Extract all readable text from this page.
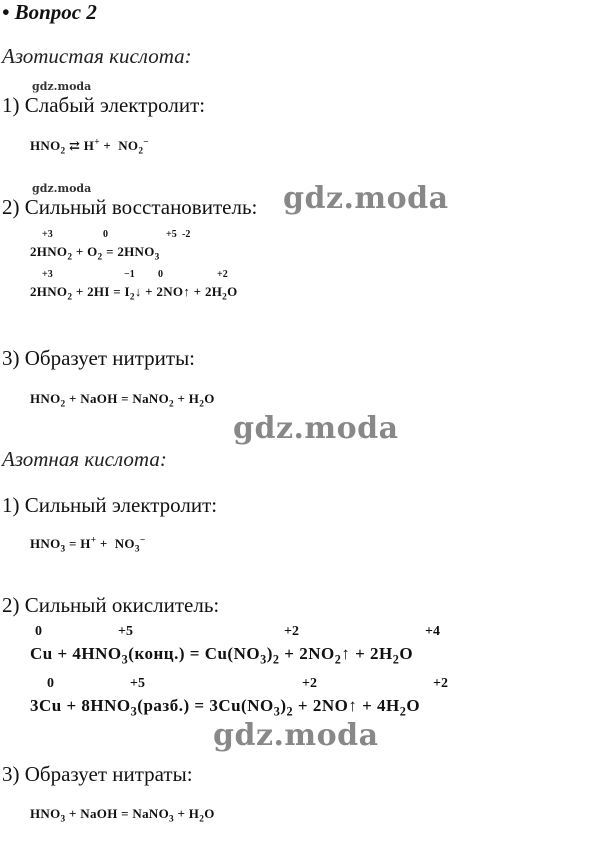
• Вопрос 2
Азотистая кислота:
gdz.moda
1) Слабый электролит:
$HNO_2$ ⇄ $H^+ + NO_2^-$
gdz.moda
2) Сильный восстановитель: gdz.moda
+3	0	+5 -2
$2HNO_2 + O_2 = 2HNO_3$
+3	−1 0	+2
$2HNO_2 + 2HI$ = $I_2↓$ + 2NO↑ + $2H_2O$
3) Образует нитриты:
$HNO_2$ + NaOH = NaNO$_2$ + $H_2O$
gdz.moda
Азотная кислота:
1) Сильный электролит:
$HNO_3 = H^+ + NO_3^-$
2) Сильный окислитель:
0	+5	+2	+4
$Cu + 4HNO_3(конц.) = Cu(NO_3)_2$ + $2NO_2↑ + 2H_2O$
0	+5	+2	+2
$3Cu + 8HNO_3(разб.) = 3Cu(NO_3)_2$ + 2NO↑ + $4H_2O$
gdz.moda
3) Образует нитраты:
$HNO_3$ + NaOH = NaNO$_3$ + $H_2O$
